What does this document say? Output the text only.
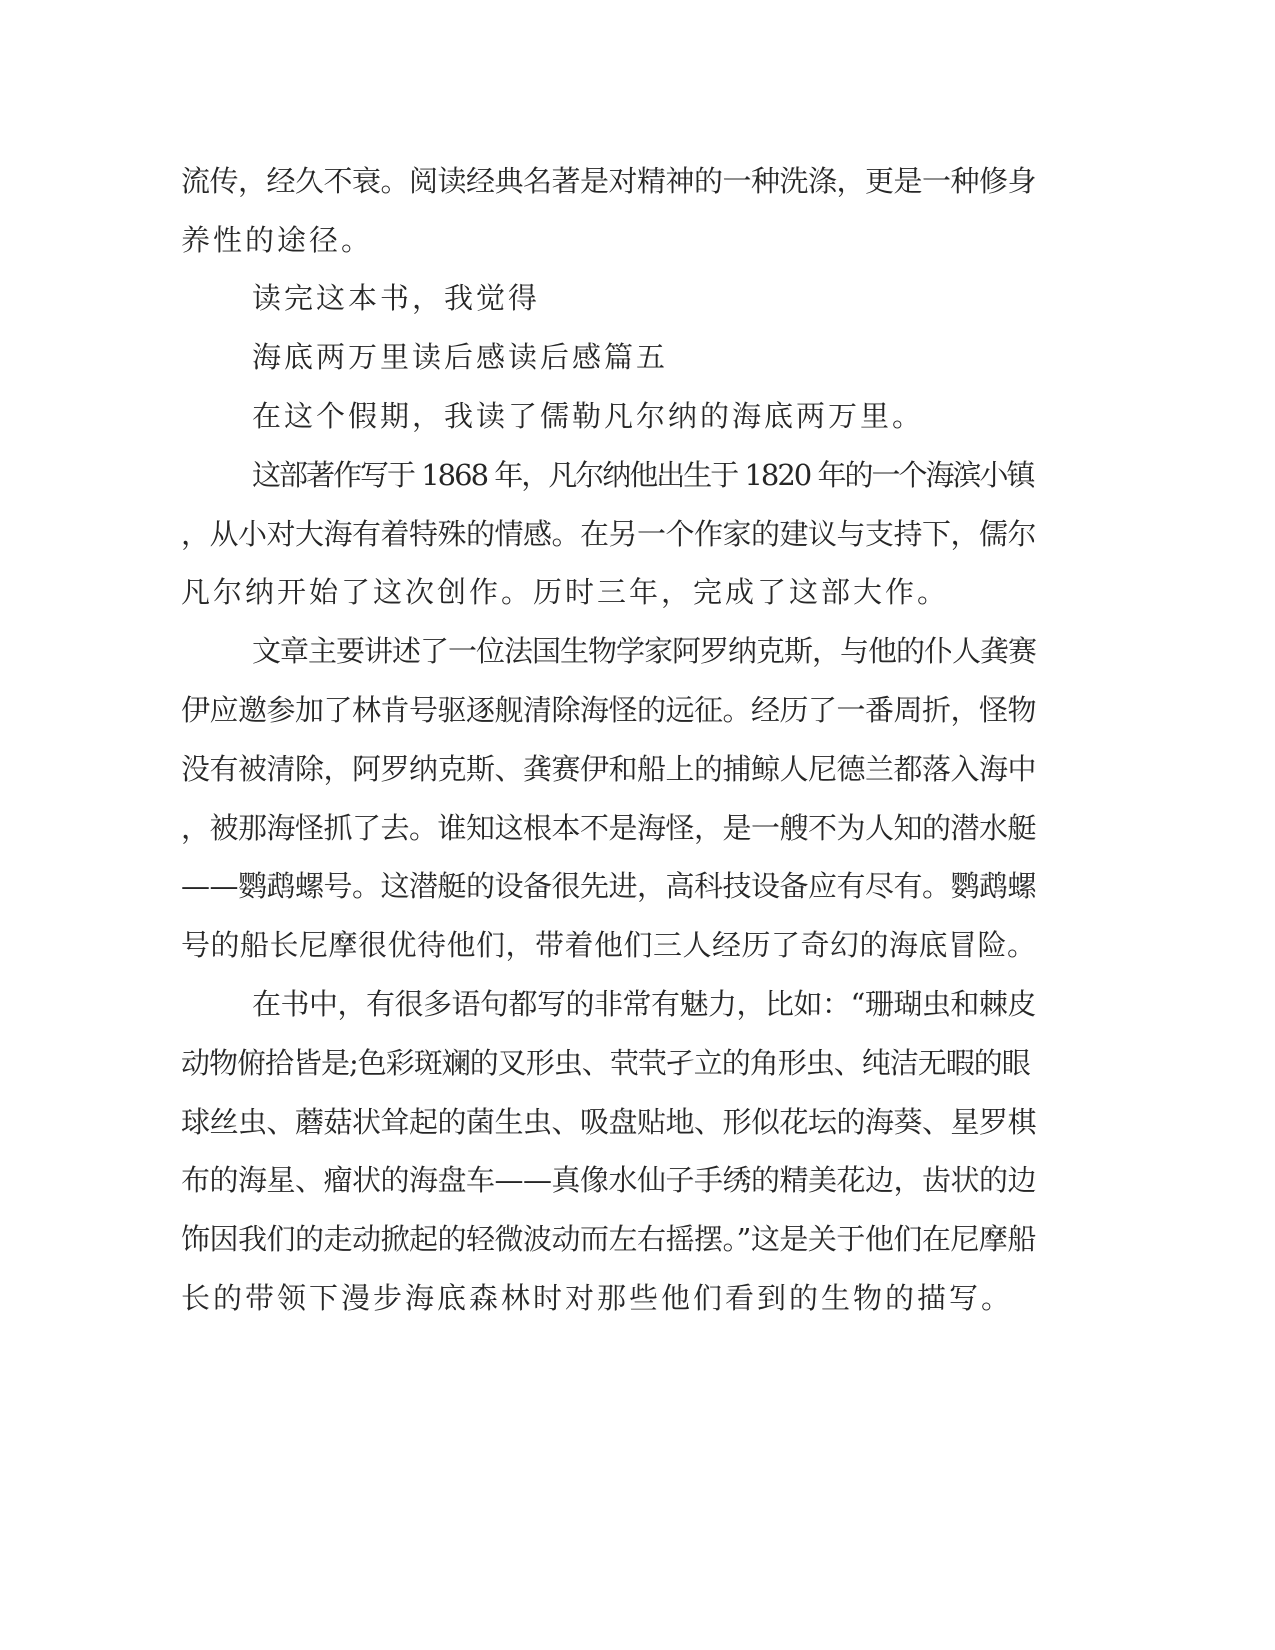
流传，经久不衰。阅读经典名著是对精神的一种洗涤，更是一种修身
养性的途径。
读完这本书，我觉得
海底两万里读后感读后感篇五
在这个假期，我读了儒勒凡尔纳的海底两万里。
这部著作写于 1868 年，凡尔纳他出生于 1820 年的一个海滨小镇
，从小对大海有着特殊的情感。在另一个作家的建议与支持下，儒尔
凡尔纳开始了这次创作。历时三年，完成了这部大作。
文章主要讲述了一位法国生物学家阿罗纳克斯，与他的仆人龚赛
伊应邀参加了林肯号驱逐舰清除海怪的远征。经历了一番周折，怪物
没有被清除，阿罗纳克斯、龚赛伊和船上的捕鲸人尼德兰都落入海中
，被那海怪抓了去。谁知这根本不是海怪，是一艘不为人知的潜水艇
——鹦鹉螺号。这潜艇的设备很先进，高科技设备应有尽有。鹦鹉螺
号的船长尼摩很优待他们，带着他们三人经历了奇幻的海底冒险。
在书中，有很多语句都写的非常有魅力，比如：“珊瑚虫和棘皮
动物俯拾皆是;色彩斑斓的叉形虫、茕茕孑立的角形虫、纯洁无暇的眼
球丝虫、蘑菇状耸起的菌生虫、吸盘贴地、形似花坛的海葵、星罗棋
布的海星、瘤状的海盘车——真像水仙子手绣的精美花边，齿状的边
饰因我们的走动掀起的轻微波动而左右摇摆。”这是关于他们在尼摩船
长的带领下漫步海底森林时对那些他们看到的生物的描写。
